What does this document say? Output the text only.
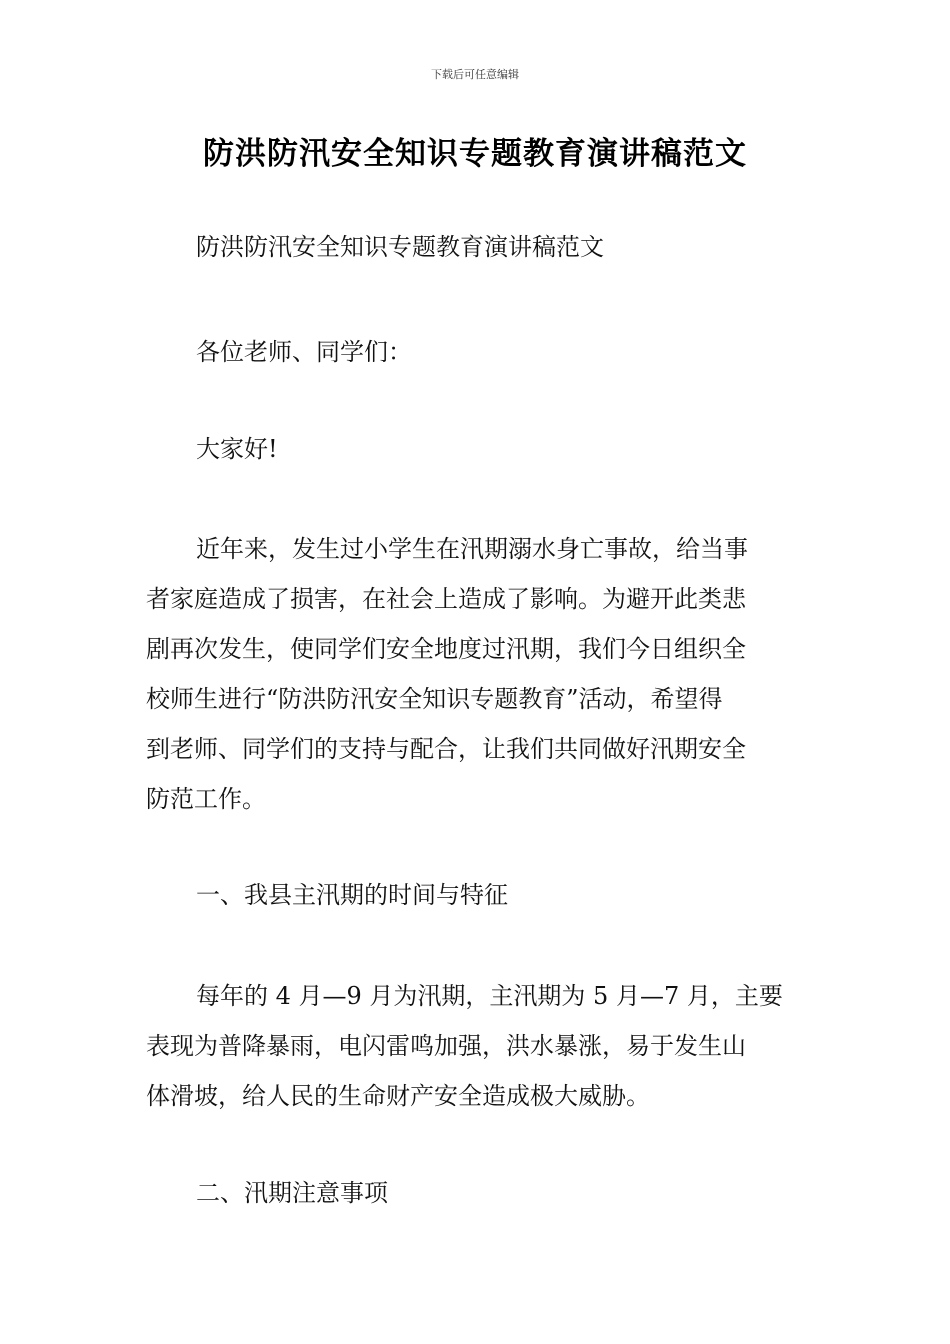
下载后可任意编辑
防洪防汛安全知识专题教育演讲稿范文
防洪防汛安全知识专题教育演讲稿范文
各位老师、同学们：
大家好!
近年来，发生过小学生在汛期溺水身亡事故，给当事
者家庭造成了损害，在社会上造成了影响。为避开此类悲
剧再次发生，使同学们安全地度过汛期，我们今日组织全
校师生进行“防洪防汛安全知识专题教育”活动，希望得
到老师、同学们的支持与配合，让我们共同做好汛期安全
防范工作。
一、我县主汛期的时间与特征
每年的 4 月—9 月为汛期，主汛期为 5 月—7 月，主要
表现为普降暴雨，电闪雷鸣加强，洪水暴涨，易于发生山
体滑坡，给人民的生命财产安全造成极大威胁。
二、汛期注意事项
